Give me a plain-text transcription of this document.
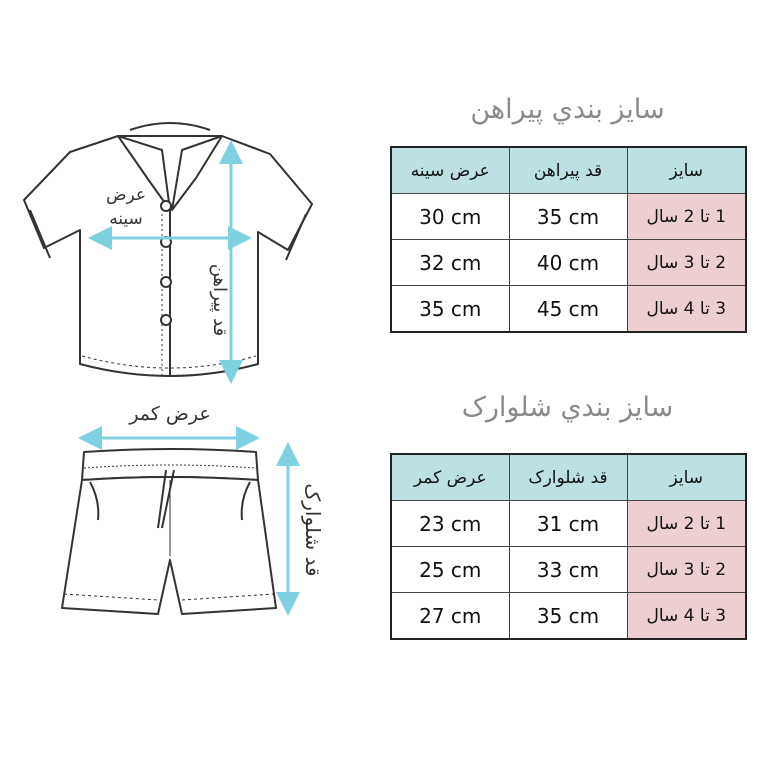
عرض
سينه
قد پيراهن
عرض کمر
قد شلوارک
سايز بندي پيراهن
عرض سينه	قد پيراهن	سايز
30 cm	35 cm	1 تا 2 سال
32 cm	40 cm	2 تا 3 سال
35 cm	45 cm	3 تا 4 سال
سايز بندي شلوارک
عرض کمر	قد شلوارک	سايز
23 cm	31 cm	1 تا 2 سال
25 cm	33 cm	2 تا 3 سال
27 cm	35 cm	3 تا 4 سال
